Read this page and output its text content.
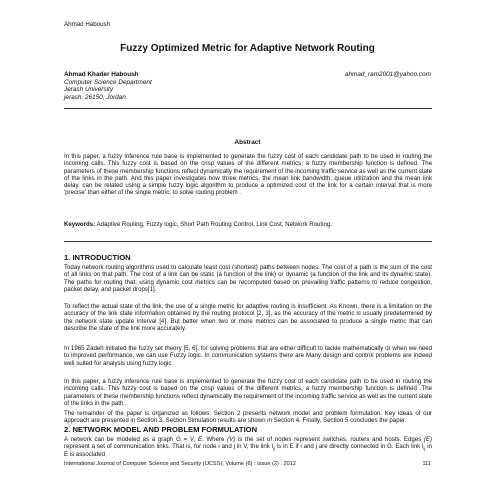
Ahmad Haboush
Fuzzy Optimized Metric for Adaptive Network Routing
Ahmad Khader Haboush
Computer Science Department
Jerash University
jerash, 26150, Jordan
ahmad_ram2001@yahoo.com
Abstract
In this paper, a fuzzy inference rule base is implemented to generate the fuzzy cost of each candidate path to be used in routing the incoming calls. This fuzzy cost is based on the crisp values of the different metrics; a fuzzy membership function is defined. The parameters of these membership functions reflect dynamically the requirement of the incoming traffic service as well as the current state of the links in the path. And this paper investigates how three metrics, the mean link bandwidth, queue utilization and the mean link delay, can be related using a simple fuzzy logic algorithm to produce a optimized cost of the link for a certain interval that is more 'precise' than either of the single metric, to solve routing problem .
Keywords: Adaptive Routing, Fuzzy logic, Short Path Routing Control, Link Cost, Network Routing.
1. INTRODUCTION
Today network routing algorithms used to calculate least cost (shortest) paths between nodes. The cost of a path is the sum of the cost of all links on that path. The cost of a link can be static (a function of the link) or dynamic (a function of the link and its dynamic state). The paths for routing that, using dynamic cost metrics can be recomputed based on prevailing traffic patterns to reduce congestion, packet delay, and packet drops[1].
To reflect the actual state of the link, the use of a single metric for adaptive routing is insufficient. As Known, there is a limitation on the accuracy of the link state information obtained by the routing protocol [2, 3], as the accuracy of the metric is usually predetermined by the network state update interval [4]. But better when two or more metrics can be associated to produce a single metric that can describe the state of the link more accurately.
In 1965 Zadeh initiated the fuzzy set theory [5, 6], for solving problems that are either difficult to tackle mathematically or when we need to improved performance, we can use Fuzzy logic. In communication systems there are Many design and control problems are indeed well suited for analysis using fuzzy logic.
In this paper, a fuzzy inference rule base is implemented to generate the fuzzy cost of each candidate path to be used in routing the incoming calls. This fuzzy cost is based on the crisp values of the different metrics, a fuzzy membership function is defined .The parameters of these membership functions reflect dynamically the requirement of the incoming traffic service as well as the current state of the links in the path .
The remainder of the paper is organized as follows: Section 2 presents network model and problem formulation. Key ideas of our approach are presented in Section 3. Section Simulation results are shown in Section 4. Finally, Section 5 concludes the paper.
2. NETWORK MODEL AND PROBLEM FORMULATION
A network can be modeled as a graph G = V, E. Where (V) is the set of nodes represent switches, routers and hosts. Edges (E) represent a set of communication links. That is, for node i and j in V, the link $l_{ij}$ is in E if i and j are directly connected in G. Each link $l_{ij}$ in E is associated
International Journal of Computer Science and Security (IJCSS), Volume (6) : Issue (2) : 2012	111
